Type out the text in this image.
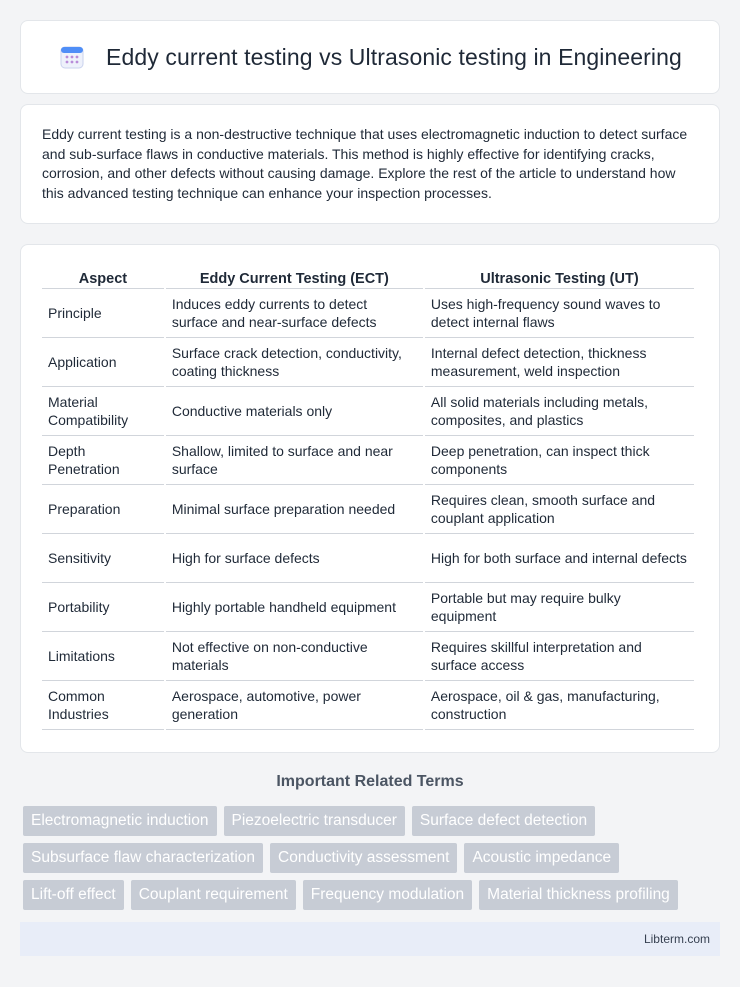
Eddy current testing vs Ultrasonic testing in Engineering

Eddy current testing is a non-destructive technique that uses electromagnetic induction to detect surface and sub-surface flaws in conductive materials. This method is highly effective for identifying cracks, corrosion, and other defects without causing damage. Explore the rest of the article to understand how this advanced testing technique can enhance your inspection processes.

Aspect	Eddy Current Testing (ECT)	Ultrasonic Testing (UT)
Principle	Induces eddy currents to detect surface and near-surface defects	Uses high-frequency sound waves to detect internal flaws
Application	Surface crack detection, conductivity, coating thickness	Internal defect detection, thickness measurement, weld inspection
Material Compatibility	Conductive materials only	All solid materials including metals, composites, and plastics
Depth Penetration	Shallow, limited to surface and near surface	Deep penetration, can inspect thick components
Preparation	Minimal surface preparation needed	Requires clean, smooth surface and couplant application
Sensitivity	High for surface defects	High for both surface and internal defects
Portability	Highly portable handheld equipment	Portable but may require bulky equipment
Limitations	Not effective on non-conductive materials	Requires skillful interpretation and surface access
Common Industries	Aerospace, automotive, power generation	Aerospace, oil & gas, manufacturing, construction
Important Related Terms
Electromagnetic induction	Piezoelectric transducer	Surface defect detection
Subsurface flaw characterization	Conductivity assessment	Acoustic impedance
Lift-off effect	Couplant requirement	Frequency modulation	Material thickness profiling
Libterm.com
